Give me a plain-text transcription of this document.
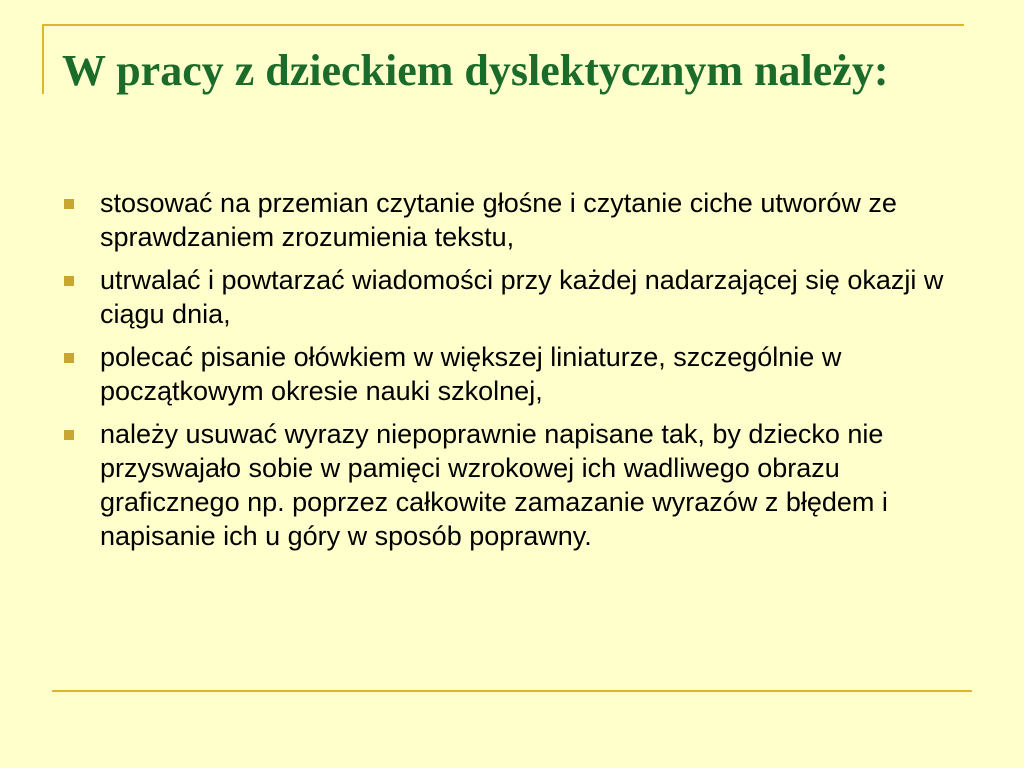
W pracy z dzieckiem dyslektycznym należy:
stosować na przemian czytanie głośne i czytanie ciche utworów ze sprawdzaniem zrozumienia tekstu,
utrwalać i powtarzać wiadomości przy każdej nadarzającej się okazji w ciągu dnia,
polecać pisanie ołówkiem w większej liniaturze, szczególnie w początkowym okresie nauki szkolnej,
należy usuwać wyrazy niepoprawnie napisane tak, by dziecko nie przyswajało sobie w pamięci wzrokowej ich wadliwego obrazu graficznego np. poprzez całkowite zamazanie wyrazów z błędem i napisanie ich u góry w sposób poprawny.
